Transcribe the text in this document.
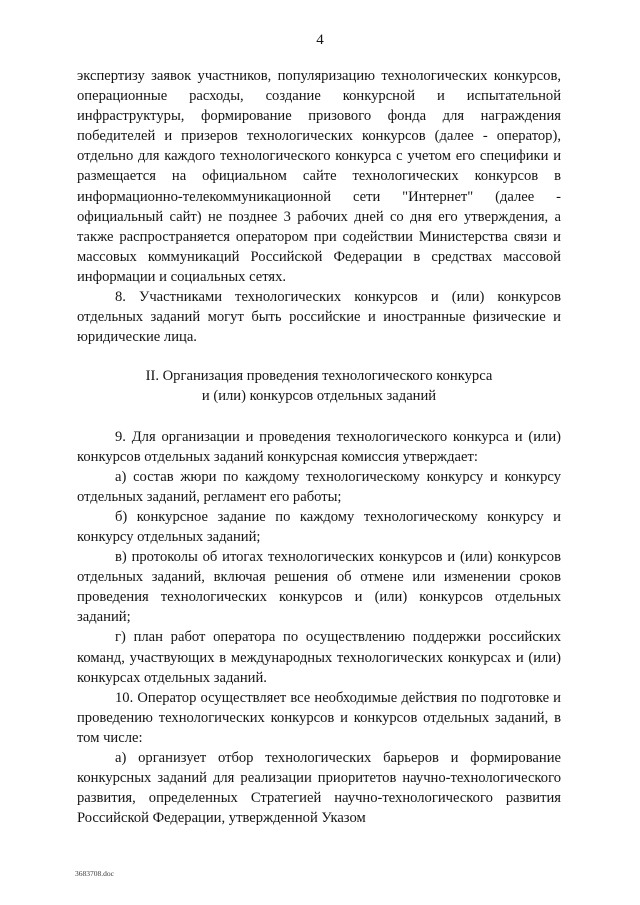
4

экспертизу заявок участников, популяризацию технологических конкурсов, операционные расходы, создание конкурсной и испытательной инфраструктуры, формирование призового фонда для награждения победителей и призеров технологических конкурсов (далее - оператор), отдельно для каждого технологического конкурса с учетом его специфики и размещается на официальном сайте технологических конкурсов в информационно-телекоммуникационной сети "Интернет" (далее - официальный сайт) не позднее 3 рабочих дней со дня его утверждения, а также распространяется оператором при содействии Министерства связи и массовых коммуникаций Российской Федерации в средствах массовой информации и социальных сетях.

8. Участниками технологических конкурсов и (или) конкурсов отдельных заданий могут быть российские и иностранные физические и юридические лица.

II. Организация проведения технологического конкурса
и (или) конкурсов отдельных заданий

9. Для организации и проведения технологического конкурса и (или) конкурсов отдельных заданий конкурсная комиссия утверждает:

а) состав жюри по каждому технологическому конкурсу и конкурсу отдельных заданий, регламент его работы;

б) конкурсное задание по каждому технологическому конкурсу и конкурсу отдельных заданий;

в) протоколы об итогах технологических конкурсов и (или) конкурсов отдельных заданий, включая решения об отмене или изменении сроков проведения технологических конкурсов и (или) конкурсов отдельных заданий;

г) план работ оператора по осуществлению поддержки российских команд, участвующих в международных технологических конкурсах и (или) конкурсах отдельных заданий.

10. Оператор осуществляет все необходимые действия по подготовке и проведению технологических конкурсов и конкурсов отдельных заданий, в том числе:

а) организует отбор технологических барьеров и формирование конкурсных заданий для реализации приоритетов научно-технологического развития, определенных Стратегией научно-технологического развития Российской Федерации, утвержденной Указом

3683708.doc
